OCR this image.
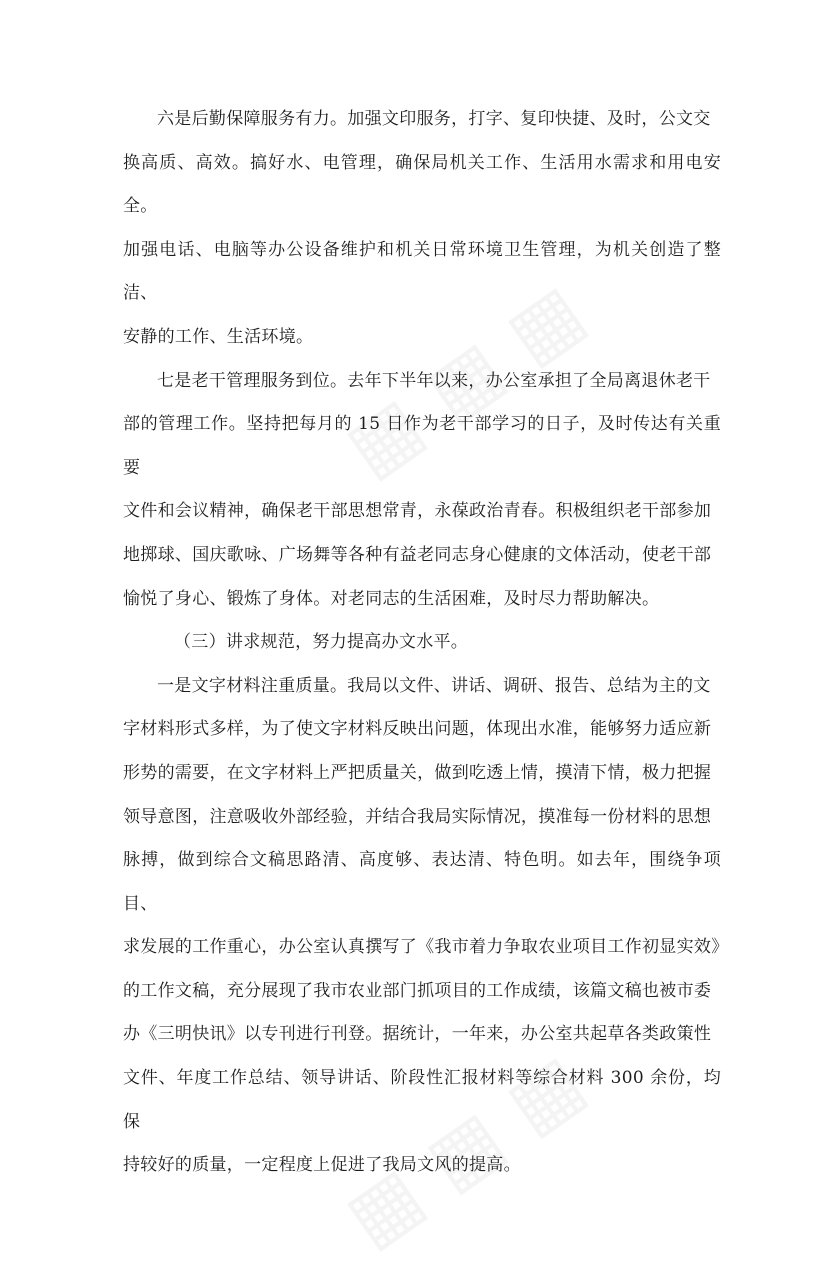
六是后勤保障服务有力。加强文印服务，打字、复印快捷、及时，公文交
换高质、高效。搞好水、电管理，确保局机关工作、生活用水需求和用电安全。
加强电话、电脑等办公设备维护和机关日常环境卫生管理，为机关创造了整洁、
安静的工作、生活环境。

七是老干管理服务到位。去年下半年以来，办公室承担了全局离退休老干
部的管理工作。坚持把每月的 15 日作为老干部学习的日子，及时传达有关重要
文件和会议精神，确保老干部思想常青，永葆政治青春。积极组织老干部参加
地掷球、国庆歌咏、广场舞等各种有益老同志身心健康的文体活动，使老干部
愉悦了身心、锻炼了身体。对老同志的生活困难，及时尽力帮助解决。

（三）讲求规范，努力提高办文水平。

一是文字材料注重质量。我局以文件、讲话、调研、报告、总结为主的文
字材料形式多样，为了使文字材料反映出问题，体现出水准，能够努力适应新
形势的需要，在文字材料上严把质量关，做到吃透上情，摸清下情，极力把握
领导意图，注意吸收外部经验，并结合我局实际情况，摸准每一份材料的思想
脉搏，做到综合文稿思路清、高度够、表达清、特色明。如去年，围绕争项目、
求发展的工作重心，办公室认真撰写了《我市着力争取农业项目工作初显实效》
的工作文稿，充分展现了我市农业部门抓项目的工作成绩，该篇文稿也被市委
办《三明快讯》以专刊进行刊登。据统计，一年来，办公室共起草各类政策性
文件、年度工作总结、领导讲话、阶段性汇报材料等综合材料 300 余份，均保
持较好的质量，一定程度上促进了我局文风的提高。
